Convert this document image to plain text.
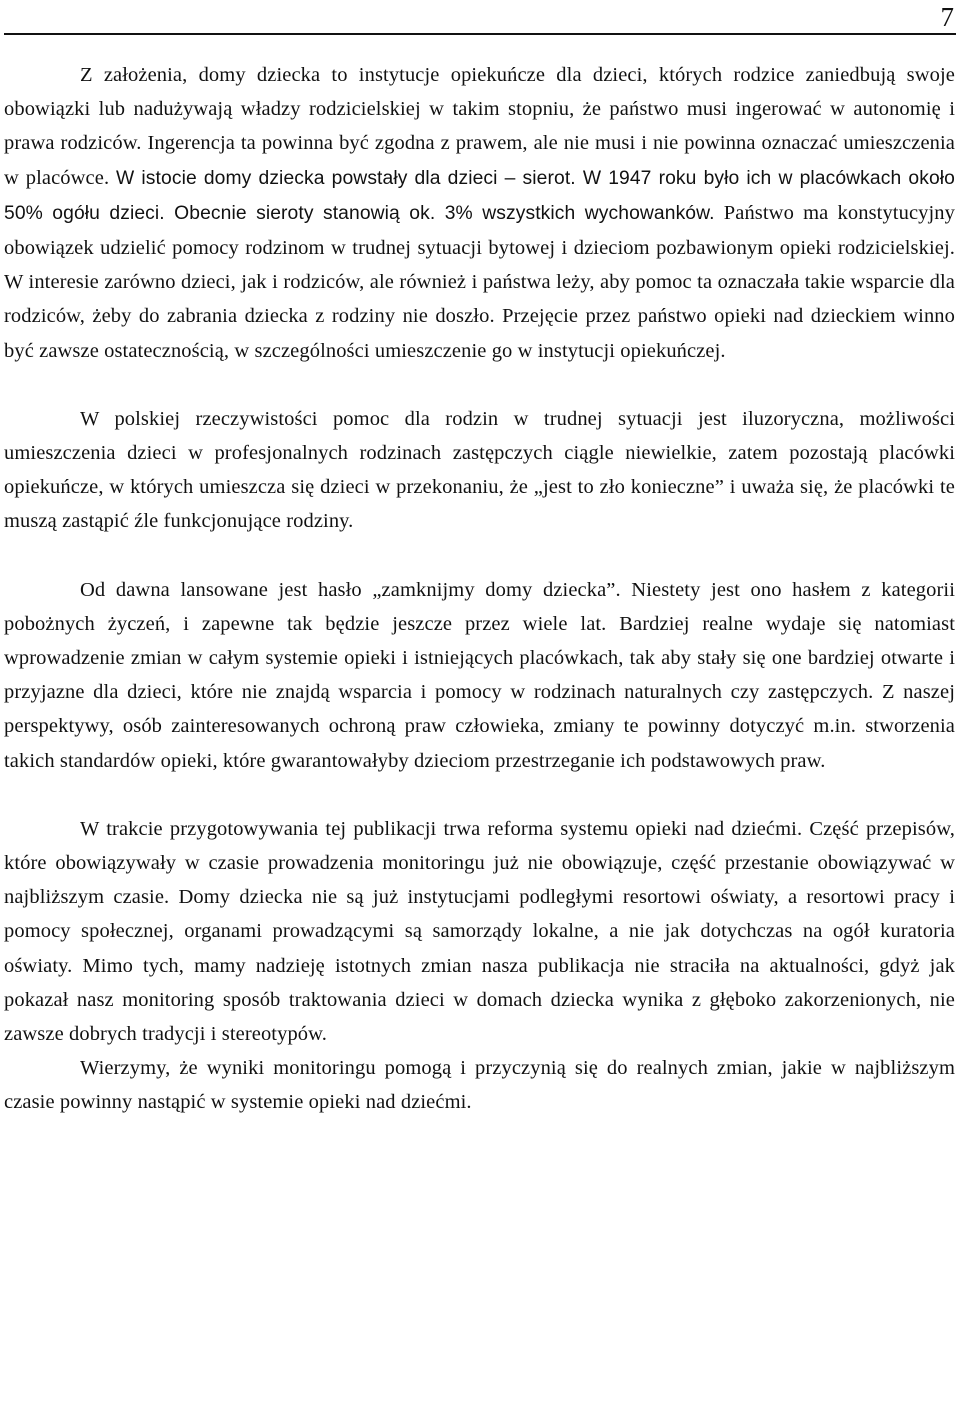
7

Z założenia, domy dziecka to instytucje opiekuńcze dla dzieci, których rodzice zaniedbują swoje obowiązki lub nadużywają władzy rodzicielskiej w takim stopniu, że państwo musi ingerować w autonomię i prawa rodziców. Ingerencja ta powinna być zgodna z prawem, ale nie musi i nie powinna oznaczać umieszczenia w placówce. W istocie domy dziecka powstały dla dzieci – sierot. W 1947 roku było ich w placówkach około 50% ogółu dzieci. Obecnie sieroty stanowią ok. 3% wszystkich wychowanków. Państwo ma konstytucyjny obowiązek udzielić pomocy rodzinom w trudnej sytuacji bytowej i dzieciom pozbawionym opieki rodzicielskiej. W interesie zarówno dzieci, jak i rodziców, ale również i państwa leży, aby pomoc ta oznaczała takie wsparcie dla rodziców, żeby do zabrania dziecka z rodziny nie doszło. Przejęcie przez państwo opieki nad dzieckiem winno być zawsze ostatecznością, w szczególności umieszczenie go w instytucji opiekuńczej.

W polskiej rzeczywistości pomoc dla rodzin w trudnej sytuacji jest iluzoryczna, możliwości umieszczenia dzieci w profesjonalnych rodzinach zastępczych ciągle niewielkie, zatem pozostają placówki opiekuńcze, w których umieszcza się dzieci w przekonaniu, że „jest to zło konieczne” i uważa się, że placówki te muszą zastąpić źle funkcjonujące rodziny.

Od dawna lansowane jest hasło „zamknijmy domy dziecka”. Niestety jest ono hasłem z kategorii pobożnych życzeń, i zapewne tak będzie jeszcze przez wiele lat. Bardziej realne wydaje się natomiast wprowadzenie zmian w całym systemie opieki i istniejących placówkach, tak aby stały się one bardziej otwarte i przyjazne dla dzieci, które nie znajdą wsparcia i pomocy w rodzinach naturalnych czy zastępczych. Z naszej perspektywy, osób zainteresowanych ochroną praw człowieka, zmiany te powinny dotyczyć m.in. stworzenia takich standardów opieki, które gwarantowałyby dzieciom przestrzeganie ich podstawowych praw.

W trakcie przygotowywania tej publikacji trwa reforma systemu opieki nad dziećmi. Część przepisów, które obowiązywały w czasie prowadzenia monitoringu już nie obowiązuje, część przestanie obowiązywać w najbliższym czasie. Domy dziecka nie są już instytucjami podległymi resortowi oświaty, a resortowi pracy i pomocy społecznej, organami prowadzącymi są samorządy lokalne, a nie jak dotychczas na ogół kuratoria oświaty. Mimo tych, mamy nadzieję istotnych zmian nasza publikacja nie straciła na aktualności, gdyż jak pokazał nasz monitoring sposób traktowania dzieci w domach dziecka wynika z głęboko zakorzenionych, nie zawsze dobrych tradycji i stereotypów.

Wierzymy, że wyniki monitoringu pomogą i przyczynią się do realnych zmian, jakie w najbliższym czasie powinny nastąpić w systemie opieki nad dziećmi.
